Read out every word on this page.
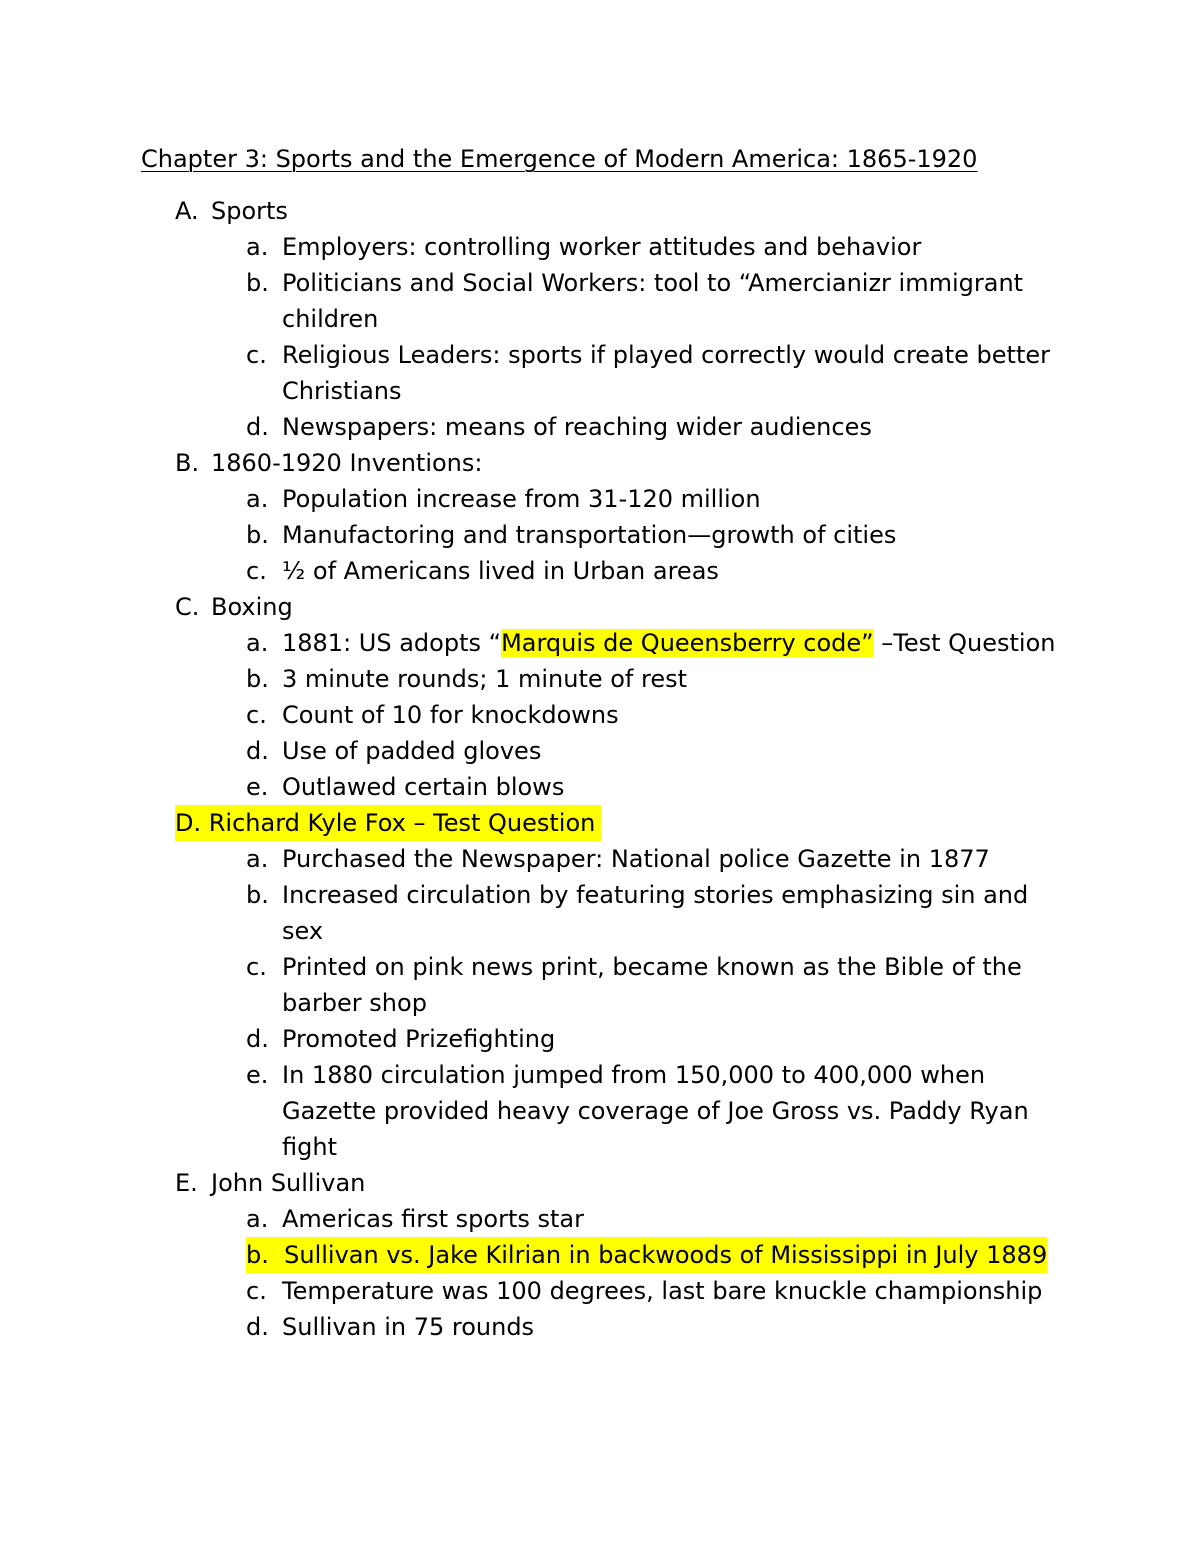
Chapter 3: Sports and the Emergence of Modern America: 1865-1920
A. Sports
a. Employers: controlling worker attitudes and behavior
b. Politicians and Social Workers: tool to “Amercianizr immigrant children
c. Religious Leaders: sports if played correctly would create better Christians
d. Newspapers: means of reaching wider audiences
B. 1860-1920 Inventions:
a. Population increase from 31-120 million
b. Manufactoring and transportation—growth of cities
c. ½ of Americans lived in Urban areas
C. Boxing
a. 1881: US adopts “Marquis de Queensberry code” –Test Question
b. 3 minute rounds; 1 minute of rest
c. Count of 10 for knockdowns
d. Use of padded gloves
e. Outlawed certain blows
D. Richard Kyle Fox – Test Question
a. Purchased the Newspaper: National police Gazette in 1877
b. Increased circulation by featuring stories emphasizing sin and sex
c. Printed on pink news print, became known as the Bible of the barber shop
d. Promoted Prizefighting
e. In 1880 circulation jumped from 150,000 to 400,000 when Gazette provided heavy coverage of Joe Gross vs. Paddy Ryan fight
E. John Sullivan
a. Americas first sports star
b. Sullivan vs. Jake Kilrian in backwoods of Mississippi in July 1889

c. Temperature was 100 degrees, last bare knuckle championship
d. Sullivan in 75 rounds
